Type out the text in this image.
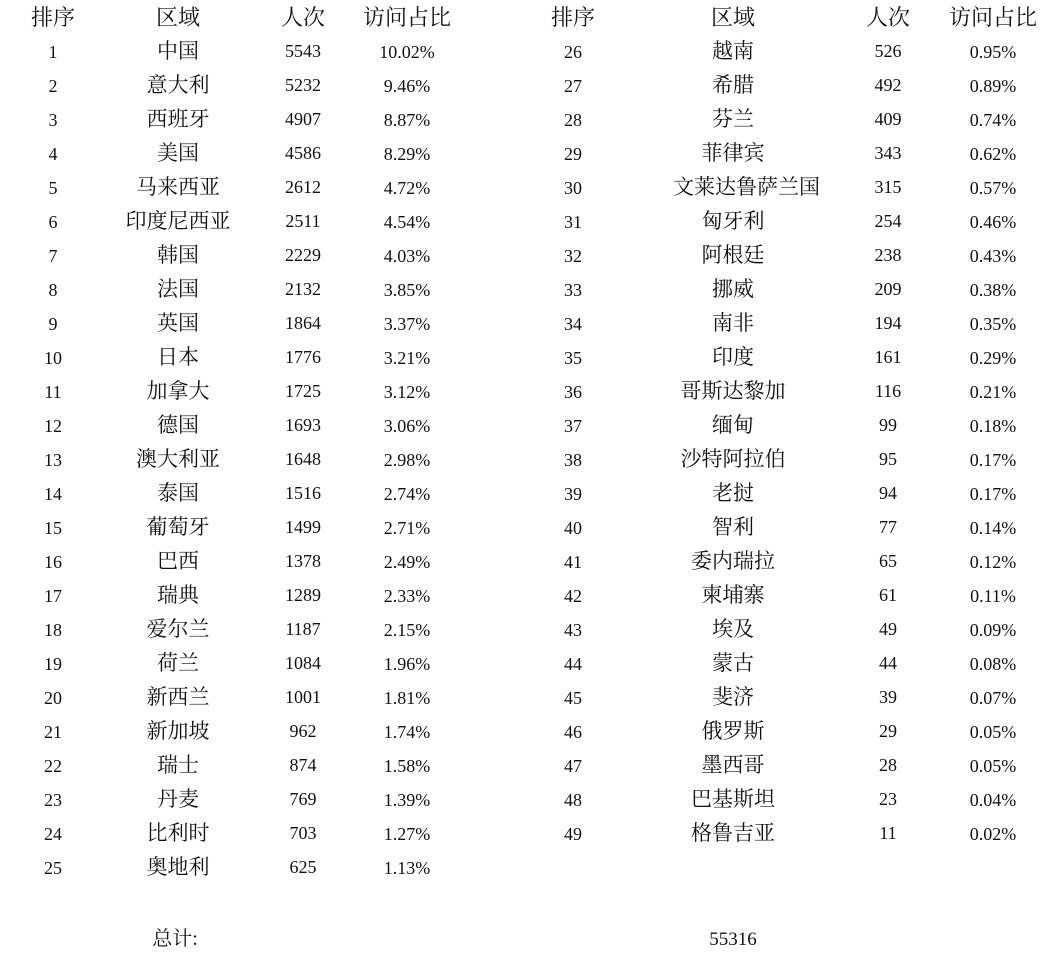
排序	区域	人次	访问占比
1	中国	5543	10.02%
2	意大利	5232	9.46%
3	西班牙	4907	8.87%
4	美国	4586	8.29%
5	马来西亚	2612	4.72%
6	印度尼西亚	2511	4.54%
7	韩国	2229	4.03%
8	法国	2132	3.85%
9	英国	1864	3.37%
10	日本	1776	3.21%
11	加拿大	1725	3.12%
12	德国	1693	3.06%
13	澳大利亚	1648	2.98%
14	泰国	1516	2.74%
15	葡萄牙	1499	2.71%
16	巴西	1378	2.49%
17	瑞典	1289	2.33%
18	爱尔兰	1187	2.15%
19	荷兰	1084	1.96%
20	新西兰	1001	1.81%
21	新加坡	962	1.74%
22	瑞士	874	1.58%
23	丹麦	769	1.39%
24	比利时	703	1.27%
25	奥地利	625	1.13%
排序	区域	人次	访问占比
26	越南	526	0.95%
27	希腊	492	0.89%
28	芬兰	409	0.74%
29	菲律宾	343	0.62%
30	文莱达鲁萨兰国	315	0.57%
31	匈牙利	254	0.46%
32	阿根廷	238	0.43%
33	挪威	209	0.38%
34	南非	194	0.35%
35	印度	161	0.29%
36	哥斯达黎加	116	0.21%
37	缅甸	99	0.18%
38	沙特阿拉伯	95	0.17%
39	老挝	94	0.17%
40	智利	77	0.14%
41	委内瑞拉	65	0.12%
42	柬埔寨	61	0.11%
43	埃及	49	0.09%
44	蒙古	44	0.08%
45	斐济	39	0.07%
46	俄罗斯	29	0.05%
47	墨西哥	28	0.05%
48	巴基斯坦	23	0.04%
49	格鲁吉亚	11	0.02%
总计:	55316
